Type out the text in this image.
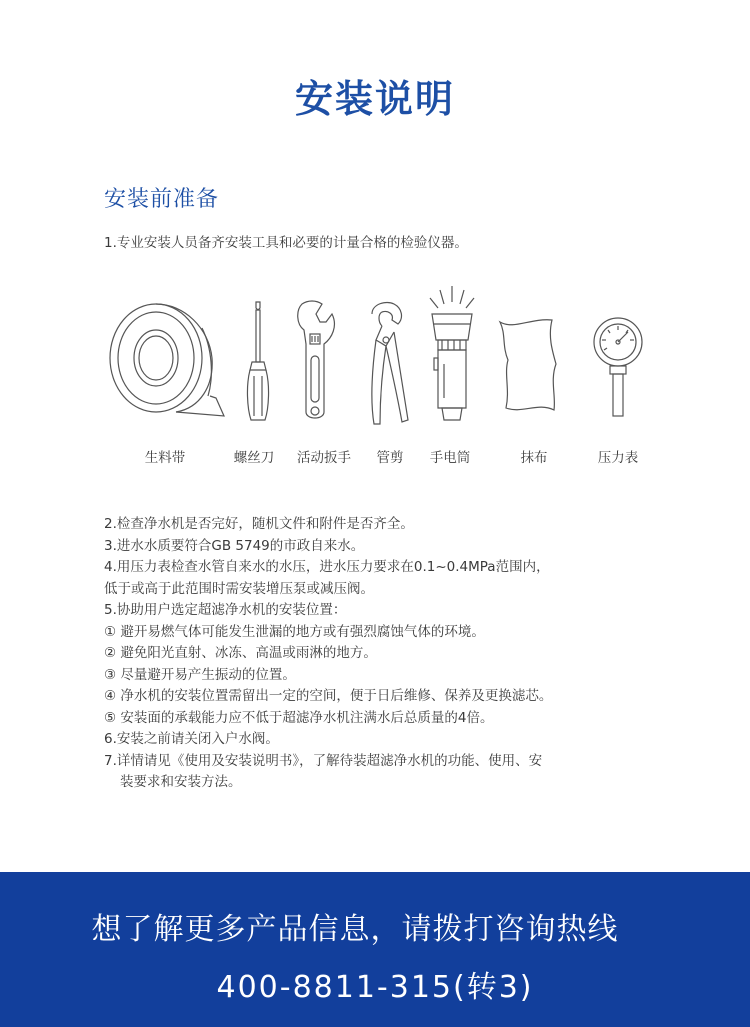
安装说明
安装前准备
1.专业安装人员备齐安装工具和必要的计量合格的检验仪器。
生料带	螺丝刀	活动扳手	管剪	手电筒	抹布	压力表
2.检查净水机是否完好，随机文件和附件是否齐全。
3.进水水质要符合GB 5749的市政自来水。
4.用压力表检查水管自来水的水压，进水压力要求在0.1~0.4MPa范围内，
低于或高于此范围时需安装增压泵或减压阀。
5.协助用户选定超滤净水机的安装位置：
① 避开易燃气体可能发生泄漏的地方或有强烈腐蚀气体的环境。
② 避免阳光直射、冰冻、高温或雨淋的地方。
③ 尽量避开易产生振动的位置。
④ 净水机的安装位置需留出一定的空间，便于日后维修、保养及更换滤芯。
⑤ 安装面的承载能力应不低于超滤净水机注满水后总质量的4倍。
6.安装之前请关闭入户水阀。
7.详情请见《使用及安装说明书》，了解待装超滤净水机的功能、使用、安
装要求和安装方法。
想了解更多产品信息，请拨打咨询热线
400-8811-315(转3)
